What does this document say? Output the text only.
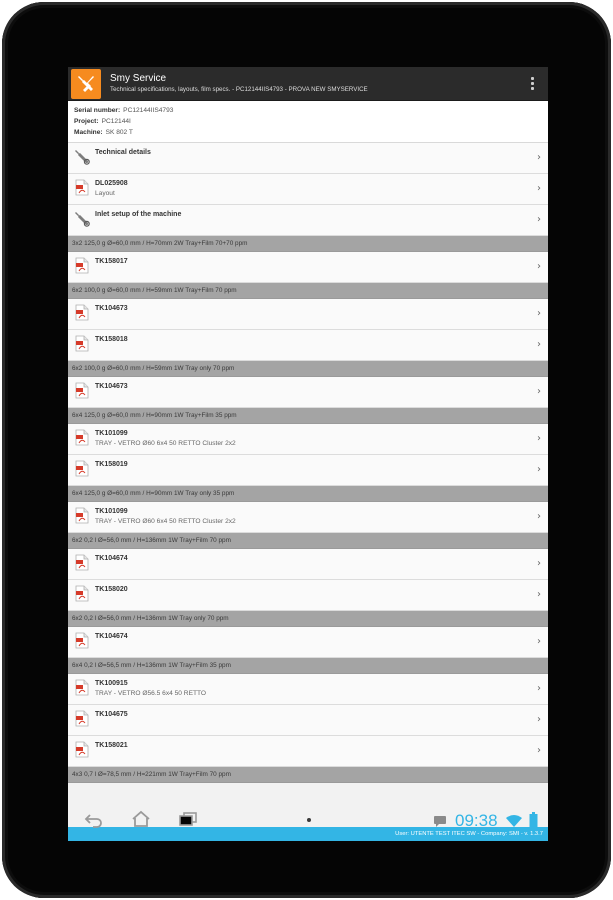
Smy Service
Technical specifications, layouts, film specs. - PC12144IIS4793 - PROVA NEW SMYSERVICE
Serial number: PC12144IIS4793
Project: PC12144I
Machine: SK 802 T
Technical details	›
DL025908
Layout	›
Inlet setup of the machine	›
3x2 125,0 g Ø=60,0 mm / H=70mm 2W Tray+Film 70+70 ppm
TK158017	›
6x2 100,0 g Ø=60,0 mm / H=59mm 1W Tray+Film 70 ppm
TK104673	›
TK158018	›
6x2 100,0 g Ø=60,0 mm / H=59mm 1W Tray only 70 ppm
TK104673	›
6x4 125,0 g Ø=60,0 mm / H=90mm 1W Tray+Film 35 ppm
TK101099
TRAY - VETRO Ø60 6x4 50 RETTO Cluster 2x2	›
TK158019	›
6x4 125,0 g Ø=60,0 mm / H=90mm 1W Tray only 35 ppm
TK101099
TRAY - VETRO Ø60 6x4 50 RETTO Cluster 2x2	›
6x2 0,2 l Ø=56,0 mm / H=136mm 1W Tray+Film 70 ppm
TK104674	›
TK158020	›
6x2 0,2 l Ø=56,0 mm / H=136mm 1W Tray only 70 ppm
TK104674	›
6x4 0,2 l Ø=56,5 mm / H=136mm 1W Tray+Film 35 ppm
TK100915
TRAY - VETRO Ø56.5 6x4 50 RETTO	›
TK104675	›
TK158021	›
4x3 0,7 l Ø=78,5 mm / H=221mm 1W Tray+Film 70 ppm
User: UTENTE TEST ITEC SW - Company: SMI - v. 1.3.7
09:38
